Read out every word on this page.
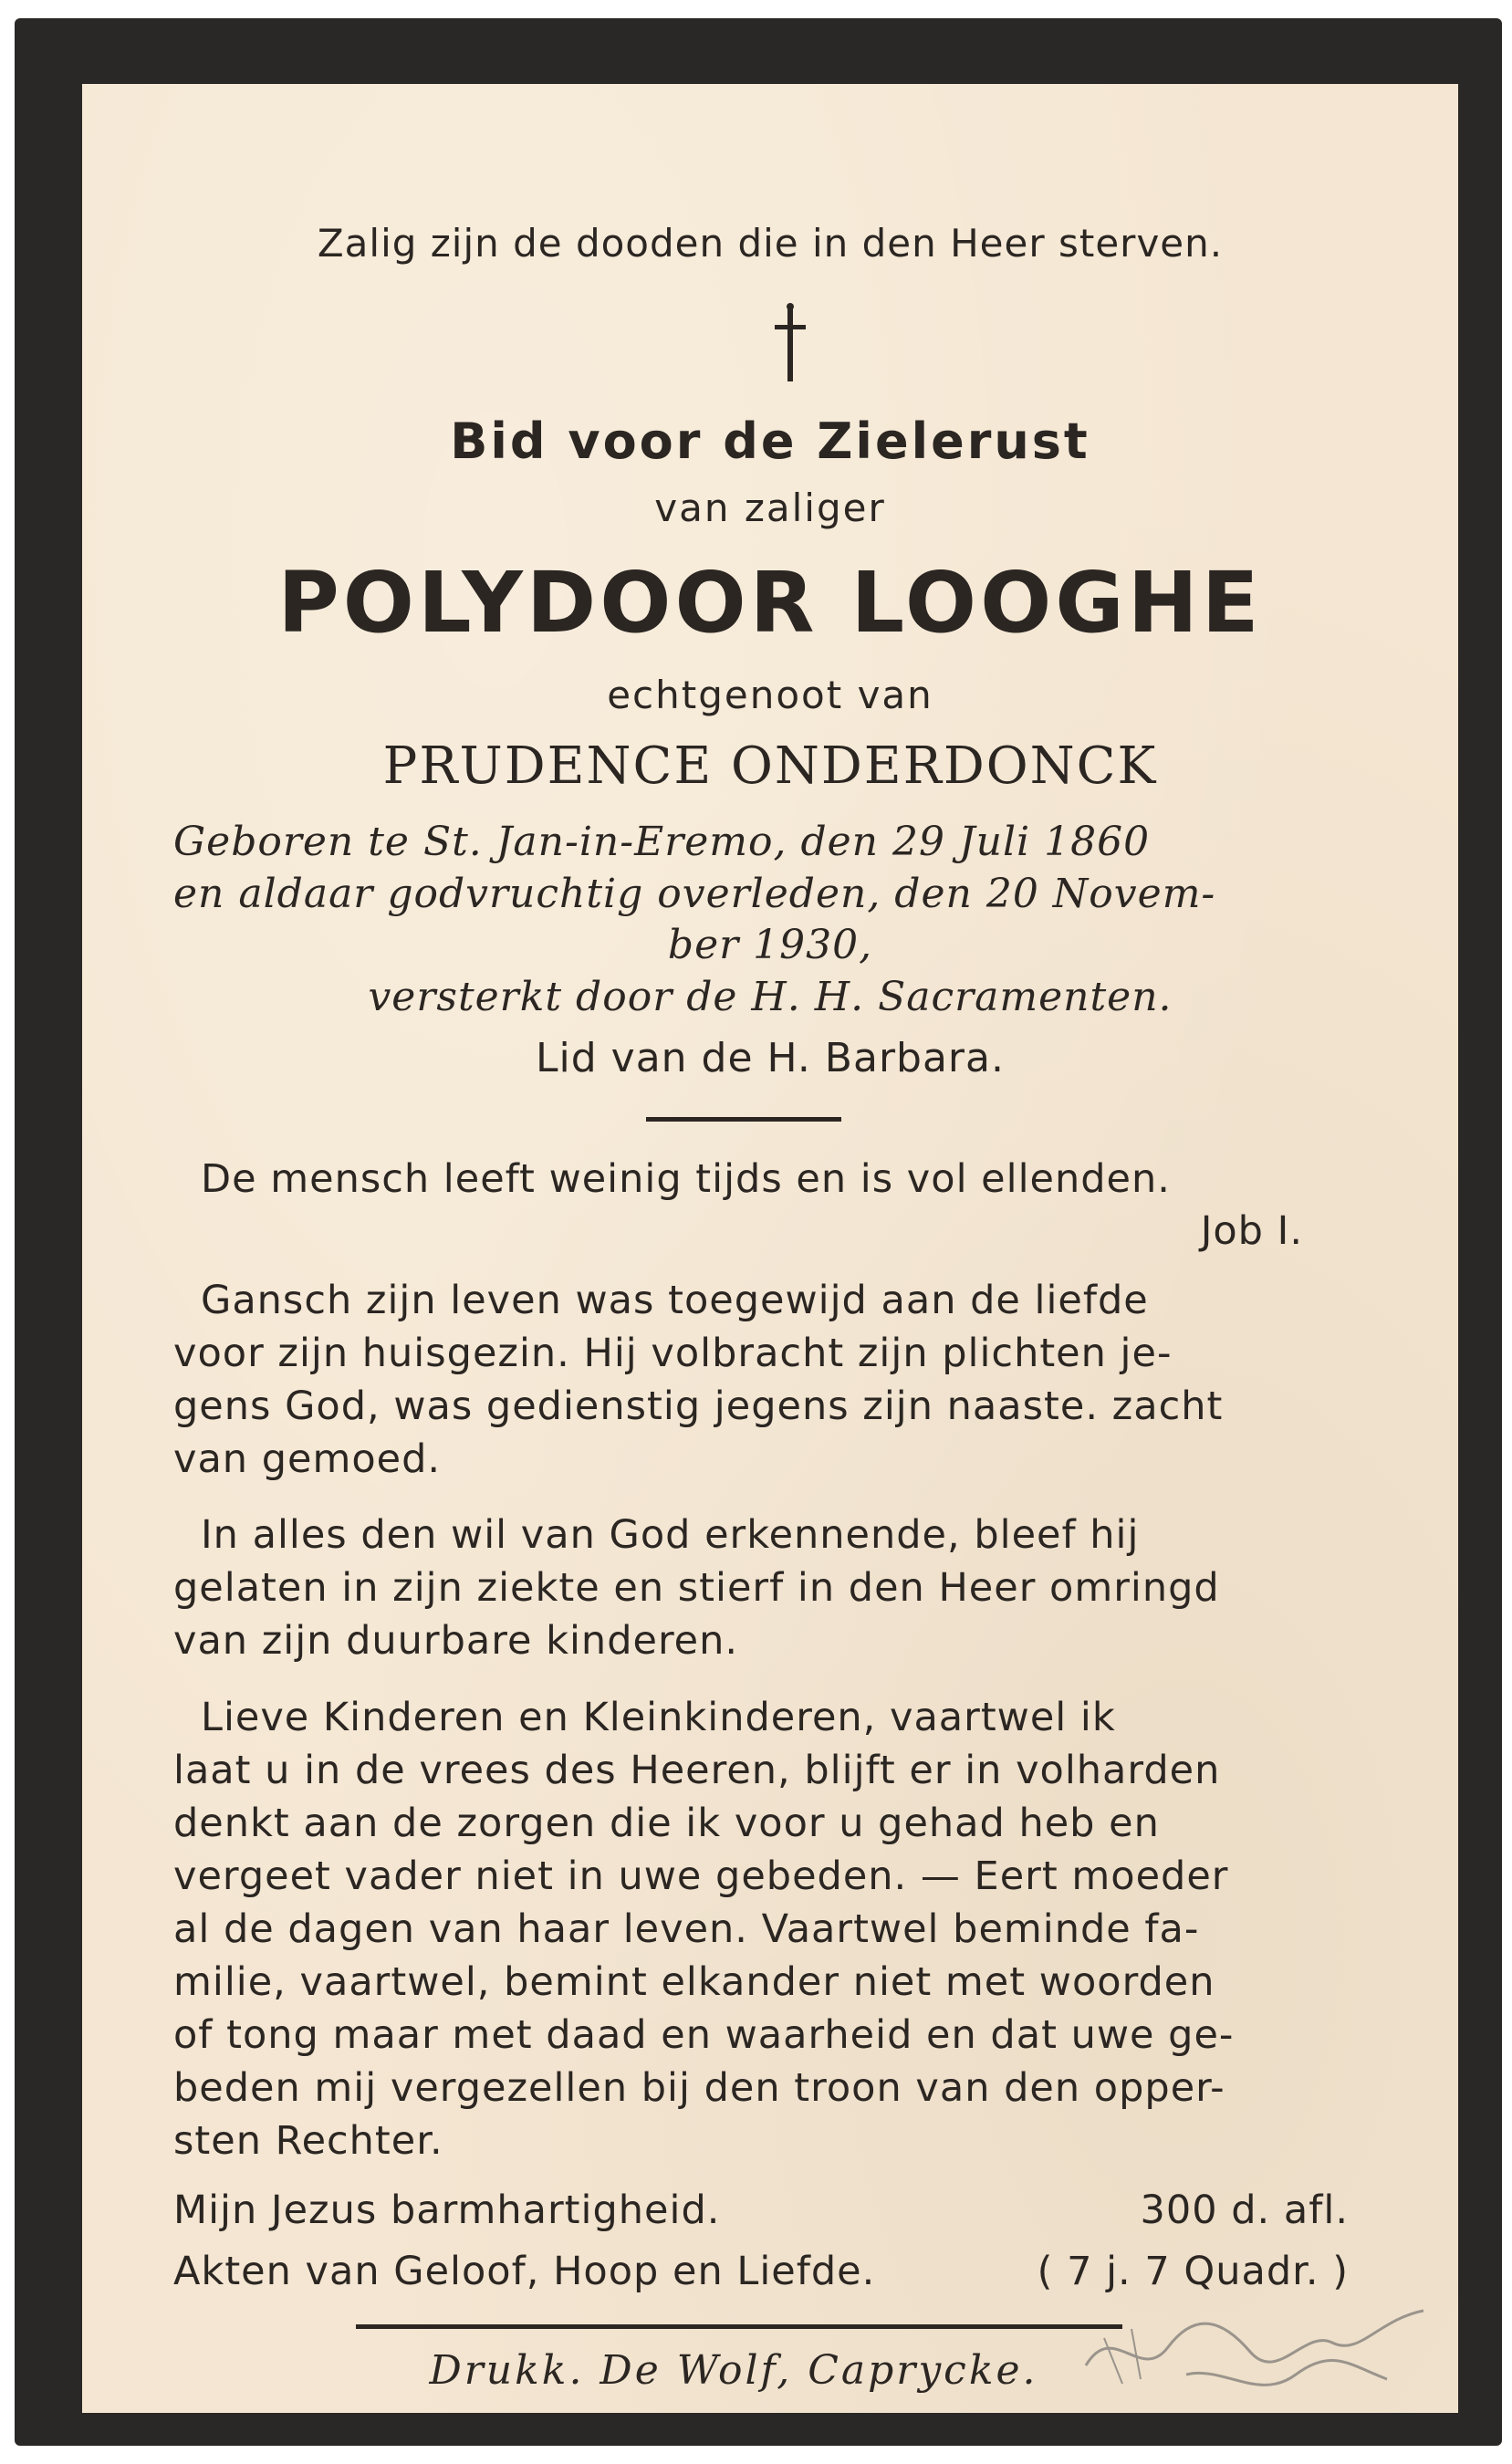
Zalig zijn de dooden die in den Heer sterven.
Bid voor de Zielerust
van zaliger
POLYDOOR LOOGHE
echtgenoot van
PRUDENCE ONDERDONCK
Geboren te St. Jan-in-Eremo, den 29 Juli 1860
en aldaar godvruchtig overleden, den 20 Novem-
ber 1930,
versterkt door de H. H. Sacramenten.
Lid van de H. Barbara.
De mensch leeft weinig tijds en is vol ellenden.
Job I.
Gansch zijn leven was toegewijd aan de liefde
voor zijn huisgezin. Hij volbracht zijn plichten je-
gens God, was gedienstig jegens zijn naaste. zacht
van gemoed.
In alles den wil van God erkennende, bleef hij
gelaten in zijn ziekte en stierf in den Heer omringd
van zijn duurbare kinderen.
Lieve Kinderen en Kleinkinderen, vaartwel ik
laat u in de vrees des Heeren, blijft er in volharden
denkt aan de zorgen die ik voor u gehad heb en
vergeet vader niet in uwe gebeden. — Eert moeder
al de dagen van haar leven. Vaartwel beminde fa-
milie, vaartwel, bemint elkander niet met woorden
of tong maar met daad en waarheid en dat uwe ge-
beden mij vergezellen bij den troon van den opper-
sten Rechter.
Mijn Jezus barmhartigheid.	300 d. afl.
Akten van Geloof, Hoop en Liefde.	( 7 j. 7 Quadr. )
Drukk. De Wolf, Caprycke.
